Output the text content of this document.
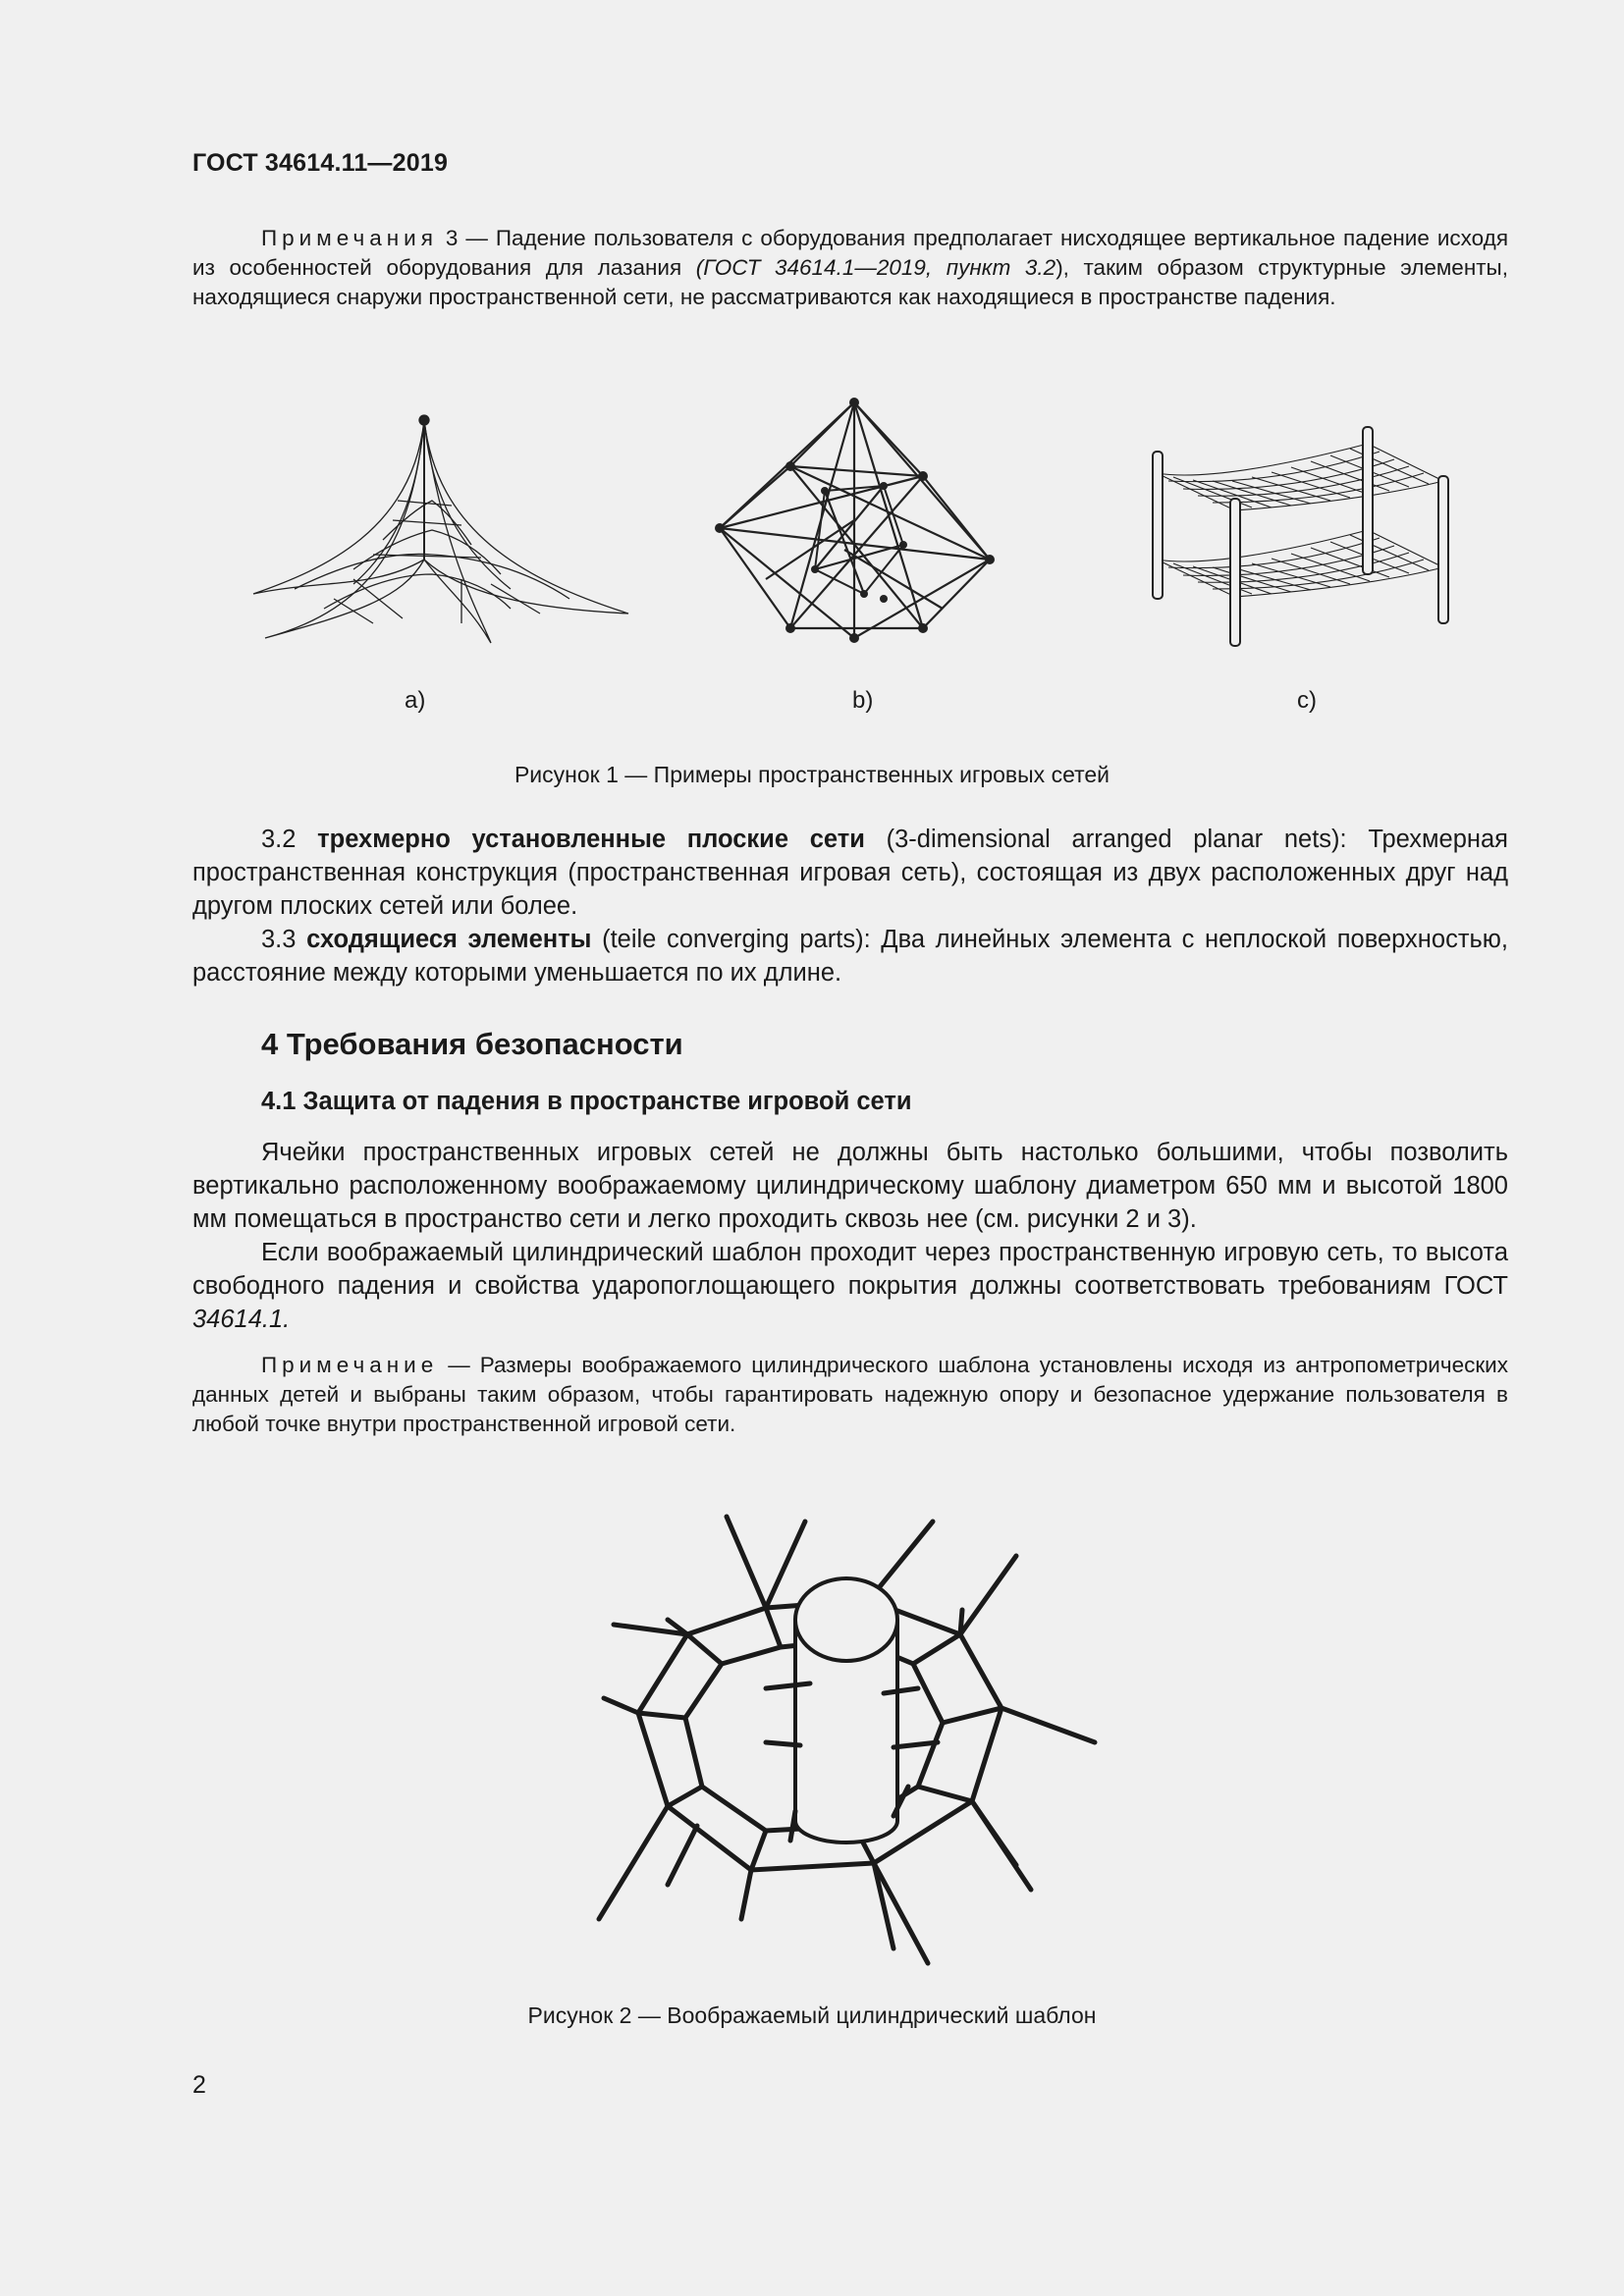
ГОСТ 34614.11—2019
Примечания 3 — Падение пользователя с оборудования предполагает нисходящее вертикальное падение исходя из особенностей оборудования для лазания (ГОСТ 34614.1—2019, пункт 3.2), таким образом структурные элементы, находящиеся снаружи пространственной сети, не рассматриваются как находящиеся в пространстве падения.
a)	b)	c)
Рисунок 1 — Примеры пространственных игровых сетей

3.2 трехмерно установленные плоские сети (3-dimensional arranged planar nets): Трехмерная пространственная конструкция (пространственная игровая сеть), состоящая из двух расположенных друг над другом плоских сетей или более.

3.3 сходящиеся элементы (teile converging parts): Два линейных элемента с неплоской поверхностью, расстояние между которыми уменьшается по их длине.

4 Требования безопасности
4.1 Защита от падения в пространстве игровой сети

Ячейки пространственных игровых сетей не должны быть настолько большими, чтобы позволить вертикально расположенному воображаемому цилиндрическому шаблону диаметром 650 мм и высотой 1800 мм помещаться в пространство сети и легко проходить сквозь нее (см. рисунки 2 и 3).

Если воображаемый цилиндрический шаблон проходит через пространственную игровую сеть, то высота свободного падения и свойства ударопоглощающего покрытия должны соответствовать требованиям ГОСТ 34614.1.

Примечание — Размеры воображаемого цилиндрического шаблона установлены исходя из антропометрических данных детей и выбраны таким образом, чтобы гарантировать надежную опору и безопасное удержание пользователя в любой точке внутри пространственной игровой сети.

Рисунок 2 — Воображаемый цилиндрический шаблон
2
